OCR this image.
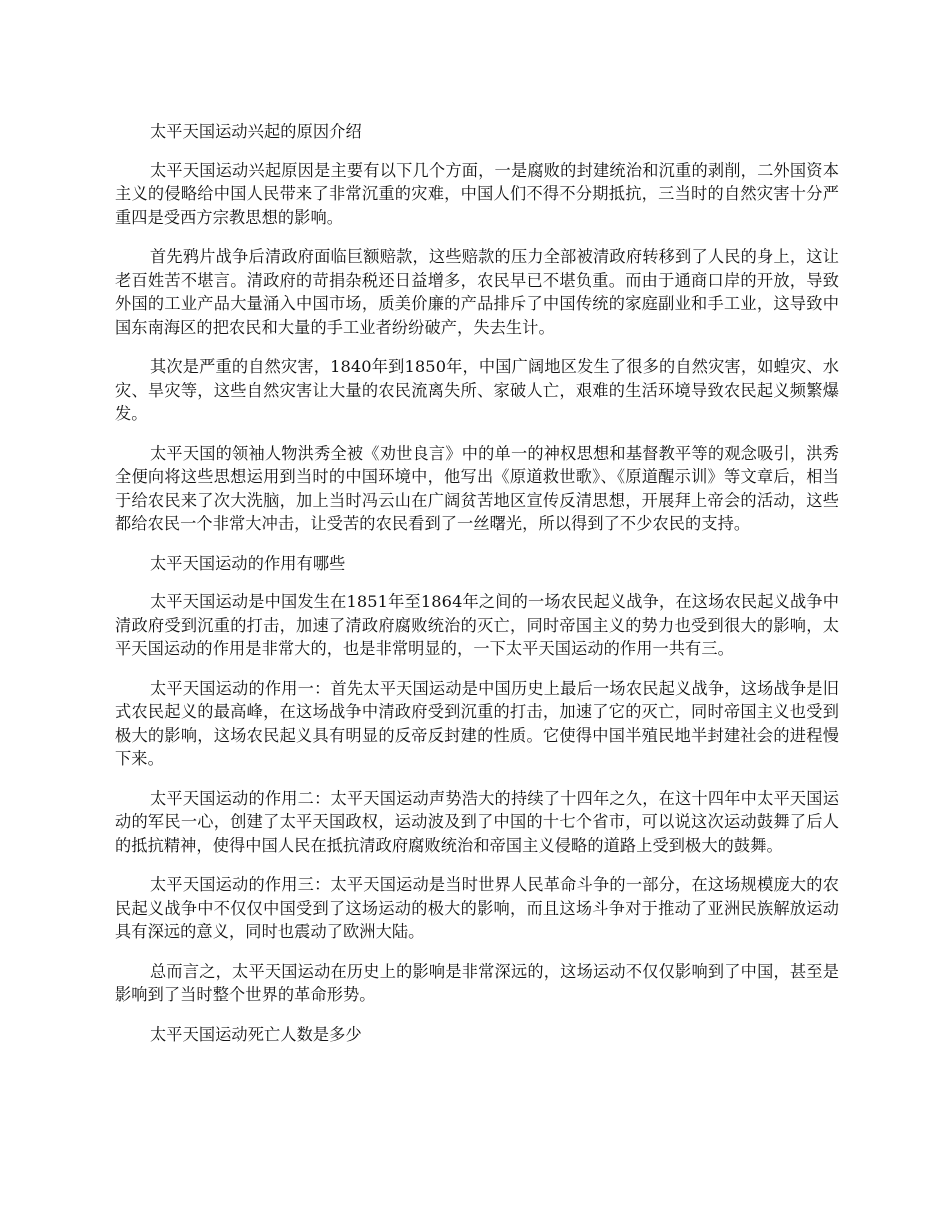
太平天国运动兴起的原因介绍

太平天国运动兴起原因是主要有以下几个方面，一是腐败的封建统治和沉重的剥削，二外国资本主义的侵略给中国人民带来了非常沉重的灾难，中国人们不得不分期抵抗，三当时的自然灾害十分严重四是受西方宗教思想的影响。

首先鸦片战争后清政府面临巨额赔款，这些赔款的压力全部被清政府转移到了人民的身上，这让老百姓苦不堪言。清政府的苛捐杂税还日益增多，农民早已不堪负重。而由于通商口岸的开放，导致外国的工业产品大量涌入中国市场，质美价廉的产品排斥了中国传统的家庭副业和手工业，这导致中国东南海区的把农民和大量的手工业者纷纷破产，失去生计。

其次是严重的自然灾害，1840年到1850年，中国广阔地区发生了很多的自然灾害，如蝗灾、水灾、旱灾等，这些自然灾害让大量的农民流离失所、家破人亡，艰难的生活环境导致农民起义频繁爆发。

太平天国的领袖人物洪秀全被《劝世良言》中的单一的神权思想和基督教平等的观念吸引，洪秀全便向将这些思想运用到当时的中国环境中，他写出《原道救世歌》、《原道醒示训》等文章后，相当于给农民来了次大洗脑，加上当时冯云山在广阔贫苦地区宣传反清思想，开展拜上帝会的活动，这些都给农民一个非常大冲击，让受苦的农民看到了一丝曙光，所以得到了不少农民的支持。

太平天国运动的作用有哪些

太平天国运动是中国发生在1851年至1864年之间的一场农民起义战争，在这场农民起义战争中清政府受到沉重的打击，加速了清政府腐败统治的灭亡，同时帝国主义的势力也受到很大的影响，太平天国运动的作用是非常大的，也是非常明显的，一下太平天国运动的作用一共有三。

太平天国运动的作用一：首先太平天国运动是中国历史上最后一场农民起义战争，这场战争是旧式农民起义的最高峰，在这场战争中清政府受到沉重的打击，加速了它的灭亡，同时帝国主义也受到极大的影响，这场农民起义具有明显的反帝反封建的性质。它使得中国半殖民地半封建社会的进程慢下来。

太平天国运动的作用二：太平天国运动声势浩大的持续了十四年之久，在这十四年中太平天国运动的军民一心，创建了太平天国政权，运动波及到了中国的十七个省市，可以说这次运动鼓舞了后人的抵抗精神，使得中国人民在抵抗清政府腐败统治和帝国主义侵略的道路上受到极大的鼓舞。

太平天国运动的作用三：太平天国运动是当时世界人民革命斗争的一部分，在这场规模庞大的农民起义战争中不仅仅中国受到了这场运动的极大的影响，而且这场斗争对于推动了亚洲民族解放运动具有深远的意义，同时也震动了欧洲大陆。

总而言之，太平天国运动在历史上的影响是非常深远的，这场运动不仅仅影响到了中国，甚至是影响到了当时整个世界的革命形势。

太平天国运动死亡人数是多少
